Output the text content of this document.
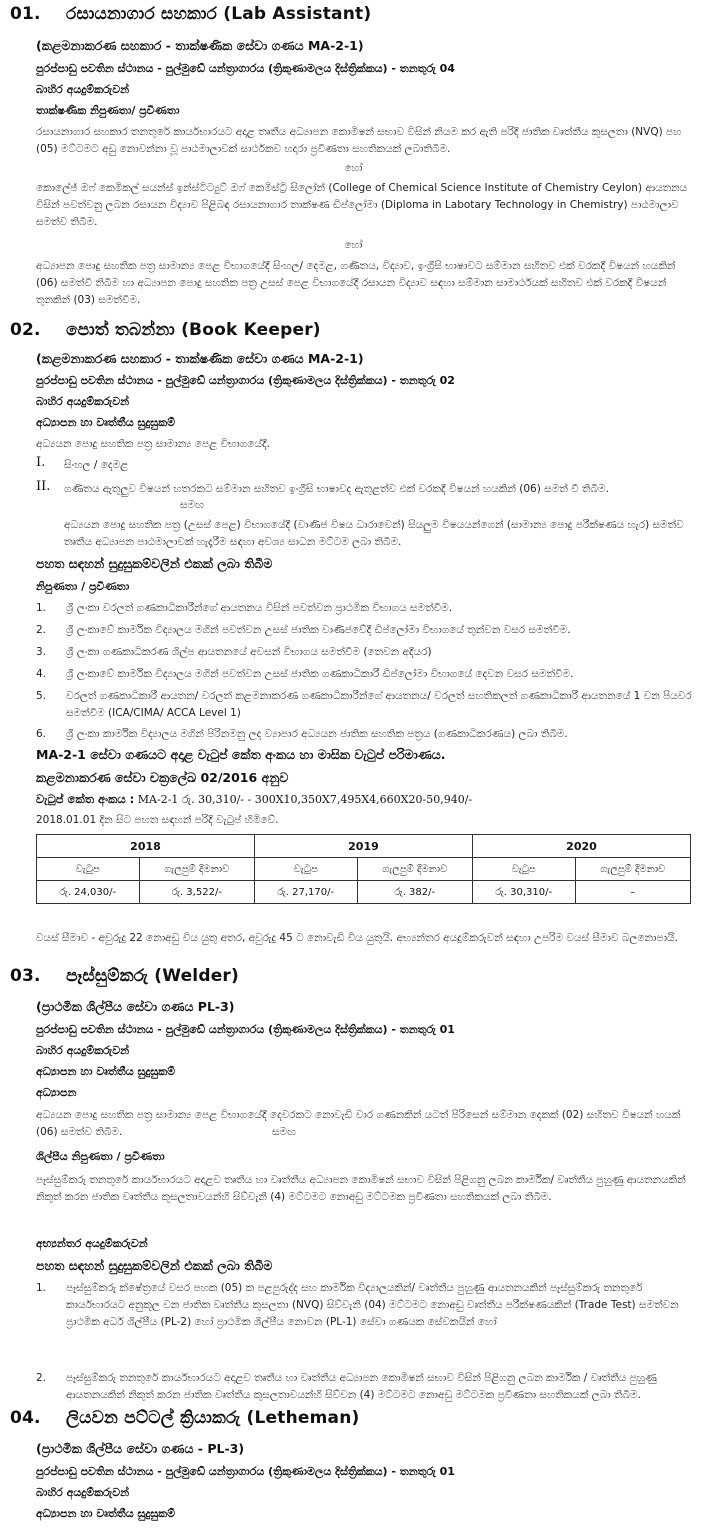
01. රසායනාගාර සහකාර (Lab Assistant)
(කළමනාකරණ සහකාර - තාක්ෂණික සේවා ගණය MA-2-1)
පුරප්පාඩු පවතින ස්ථානය - පුල්මුඩේ යන්ත්‍රාගාරය (ත්‍රිකුණාමලය දිස්ත්‍රික්කය) - තනතුරු 04
බාහිර අයදුම්කරුවන්
තාක්ෂණික නිපුණතා/ ප්‍රවීණතා
රසායනාගාර සහකාර තනතුරේ කාර්යභාරයට අදාළ තෘතීය අධ්‍යාපන කොමිෂන් සභාව විසින් නියම කර ඇති පරිදි ජාතික වෘත්තීය කුසලතා (NVQ) පහ (05) මට්ටමට අඩු නොවන්නා වූ පාඨමාලාවක් සාර්ථකව හදාරා ප්‍රවීණතා සහතිකයක් ලබාතිබීම.
හෝ
කොලේජ් ඔෆ් කෙමිකල් සයන්ස් ඉන්ස්ටිට්‍යුට් ඔෆ් කෙමිස්ට්‍රි සිලෝන් (College of Chemical Science Institute of Chemistry Ceylon) ආයතනය විසින් පවත්වනු ලබන රසායන විද්‍යාව පිළිබඳ රසායනාගාර තාක්ෂණ ඩිප්ලෝමා (Diploma in Labotary Technology in Chemistry) පාඨමාලාව සමත්ව තිබීම.
හෝ
අධ්‍යාපන පොදු සහතික පත්‍ර සාමාන්‍ය පෙළ විභාගයේදී සිංහල/ දෙමළ, ගණිතය, විද්‍යාව, ඉංග්‍රීසි භාෂාවට සම්මාන සහිතව එක් වරකදී විෂයන් හයකින් (06) සමත්වී තිබීම හා අධ්‍යාපන පොදු සහතික පත්‍ර උසස් පෙළ විභාගයේදී රසායන විද්‍යාව සඳහා සම්මාන සාමාර්ථයක් සහිතව එක් වරකදී විෂයන් තුනකින් (03) සමත්වීම.
02. පොත් තබන්නා (Book Keeper)
(කළමනාකරණ සහකාර - තාක්ෂණික සේවා ගණය MA-2-1)
පුරප්පාඩු පවතින ස්ථානය - පුල්මුඩේ යන්ත්‍රාගාරය (ත්‍රිකුණාමලය දිස්ත්‍රික්කය) - තනතුරු 02
බාහිර අයදුම්කරුවන්
අධ්‍යාපන හා වෘත්තීය සුදුසුකම්
අධ්‍යයන පොදු සහතික පත්‍ර සාමාන්‍ය පෙළ විභාගයේදී.
I. සිංහල / දෙමළ
II. ගණිතය ඇතුලුව විෂයන් හතරකට සම්මාන සහිතව ඉංග්‍රීසි භාෂාවද ඇතුළත්ව එක් වරකදී විෂයන් හයකින් (06) සමත් වී තිබීම.
සමඟ
අධ්‍යයන පොදු සහතික පත්‍ර (උසස් පෙළ) විභාගයේදී (වාණිජ විෂය ධාරාවෙන්) සියලුම විෂයයන්ගෙන් (සාමාන්‍ය පොදු පරීක්ෂණය හැර) සමත්ව තෘතීය අධ්‍යාපන පාඨමාලාවක් හැදෑරීම සඳහා අවශ්‍ය සාධන මට්ටම ලබා තිබීම.
පහත සඳහන් සුදුසුකම්වලින් එකක් ලබා තිබීම
නිපුණතා / ප්‍රවීණතා
1.	ශ්‍රී ලංකා වරලත් ගණකාධිකාරීන්ගේ ආයතනය විසින් පවත්වන ප්‍රාථමික විභාගය සමත්වීම.
2.	ශ්‍රී ලංකාවේ කාර්මික විද්‍යාලය මගින් පවත්වන උසස් ජාතික වාණිජවේදී ඩිප්ලෝමා විභාගයේ තුන්වන වසර සමත්වීම.
3.	ශ්‍රී ලංකා ගණකාධිකරණ ශිල්ප ආයතනයේ අවසන් විභාගය සමත්වීම (තෙවන අදියර)
4.	ශ්‍රී ලංකාවේ කාර්මික විද්‍යාලය මගින් පවත්වන උසස් ජාතික ගණකාධිකාරී ඩිප්ලෝමා විභාගයේ දෙවන වසර සමත්වීම.
5.	වරලත් ගණකාධිකාරී ආයතන/ වරලත් කළමනාකරණ ගණකාධිකාරීන්ගේ ආයතනය/ වරලත් සහතිකලත් ගණකාධිකාරී ආයතනයේ 1 වන පියවර සමත්වීම (ICA/CIMA/ ACCA Level 1)
6.	ශ්‍රී ලංකා කාර්මික විද්‍යාලය මගින් පිරිනමනු ලද ව්‍යාපාර අධ්‍යයන ජාතික සහතික පත්‍රය (ගණකාධිකරණය) ලබා තිබීම.
MA-2-1 සේවා ගණයට අදාළ වැටුප් කේත අංකය හා මාසික වැටුප් පරිමාණය.
කළමනාකරණ සේවා චක්‍රලේඛ 02/2016 අනුව
වැටුප් කේත අංකය : MA-2-1 රු. 30,310/- - 300X10,350X7,495X4,660X20-50,940/-
2018.01.01 දින සිට පහත සඳහන් පරිදි වැටුප් හිමිවේ.
2018		2019		2020	
වැටුප	ගැලපුම් දීමනාව	වැටුප	ගැලපුම් දීමනාව	වැටුප	ගැලපුම් දීමනාව
රු. 24,030/-	රු. 3,522/-	රු. 27,170/-	රු. 382/-	රු. 30,310/-	–
වයස් සීමාව - අවුරුදු 22 නොඅඩු විය යුතු අතර, අවුරුදු 45 ට නොවැඩි විය යුතුයි. අභ්‍යන්තර අයදුම්කරුවන් සඳහා උපරිම වයස් සීමාව බලනොපායි.
03. පෑස්සුම්කරු (Welder)
(ප්‍රාථමික ශිල්පීය සේවා ගණය PL-3)
පුරප්පාඩු පවතින ස්ථානය - පුල්මුඩේ යන්ත්‍රාගාරය (ත්‍රිකුණාමලය දිස්ත්‍රික්කය) - තනතුරු 01
බාහිර අයදුම්කරුවන්
අධ්‍යාපන හා වෘත්තීය සුදුසුකම්
අධ්‍යාපන
අධ්‍යයන පොදු සහතික පත්‍ර සාමාන්‍ය පෙළ විභාගයේදී දෙවරකට නොවැඩි වාර ගණනකින් යටත් පිරිසෙන් සම්මාන දෙකක් (02) සහිතව විෂයන් හයක් (06) සමත්ව තිබීම.	සමඟ
ශිල්පීය නිපුණතා / ප්‍රවීණතා
පෑස්සුම්කරු තනතුරේ කාර්යභාරයට අදාළව තෘතීය හා වෘත්තීය අධ්‍යාපන කොමිෂන් සභාව විසින් පිළිගනු ලබන කාර්මික/ වෘත්තීය පුහුණු ආයතනයකින් නිකුත් කරන ජාතික වෘත්තීය කුසලතාවයන්හි සිව්වැනි (4) මට්ටමට නොඅඩු මට්ටමක ප්‍රවීණතා සහතිකයක් ලබා තිබීම.
අභ්‍යන්තර අයදුම්කරුවන්
පහත සඳහන් සුදුසුකම්වලින් එකක් ලබා තිබීම
1.	පෑස්සුම්කරු ක්ෂේත්‍රයේ වසර පහක (05) ක පළපුරුද්ද සහ කාර්මික විද්‍යාලයකින්/ වෘත්තීය පුහුණු ආයතනයකින් පෑස්සුම්කරු තනතුරේ කාර්යභාරයට අනුකූල වන ජාතික වෘත්තීය කුසලතා (NVQ) සිව්වැනි (04) මට්ටමට නොඅඩු වෘත්තීය පරීක්ෂණයකින් (Trade Test) සමත්වන ප්‍රාථමික අර්ධ ශිල්පීය (PL-2) හෝ ප්‍රාථමික ශිල්පීය නොවන (PL-1) සේවා ගණයක සේවකයින් හෝ
2.	පෑස්සුම්කරු තනතුරේ කාර්යභාරයට අදාළව තෘතීය හා වෘත්තීය අධ්‍යාපන කොමිෂන් සභාව විසින් පිළිගනු ලබන කාර්මික / වෘත්තීය පුහුණු ආයතනයකින් නිකුත් කරන ජාතික වෘත්තීය කුසලතාවයන්හි සිව්වන (4) මට්ටමට නොඅඩු මට්ටමක ප්‍රවීණතා සහතිකයක් ලබා තිබීම.
04. ලියවන පට්ටල් ක්‍රියාකරු (Letheman)
(ප්‍රාථමික ශිල්පීය සේවා ගණය - PL-3)
පුරප්පාඩු පවතින ස්ථානය - පුල්මුඩේ යන්ත්‍රාගාරය (ත්‍රිකුණාමලය දිස්ත්‍රික්කය) - තනතුරු 01
බාහිර අයදුම්කරුවන්
අධ්‍යාපන හා වෘත්තීය සුදුසුකම්
